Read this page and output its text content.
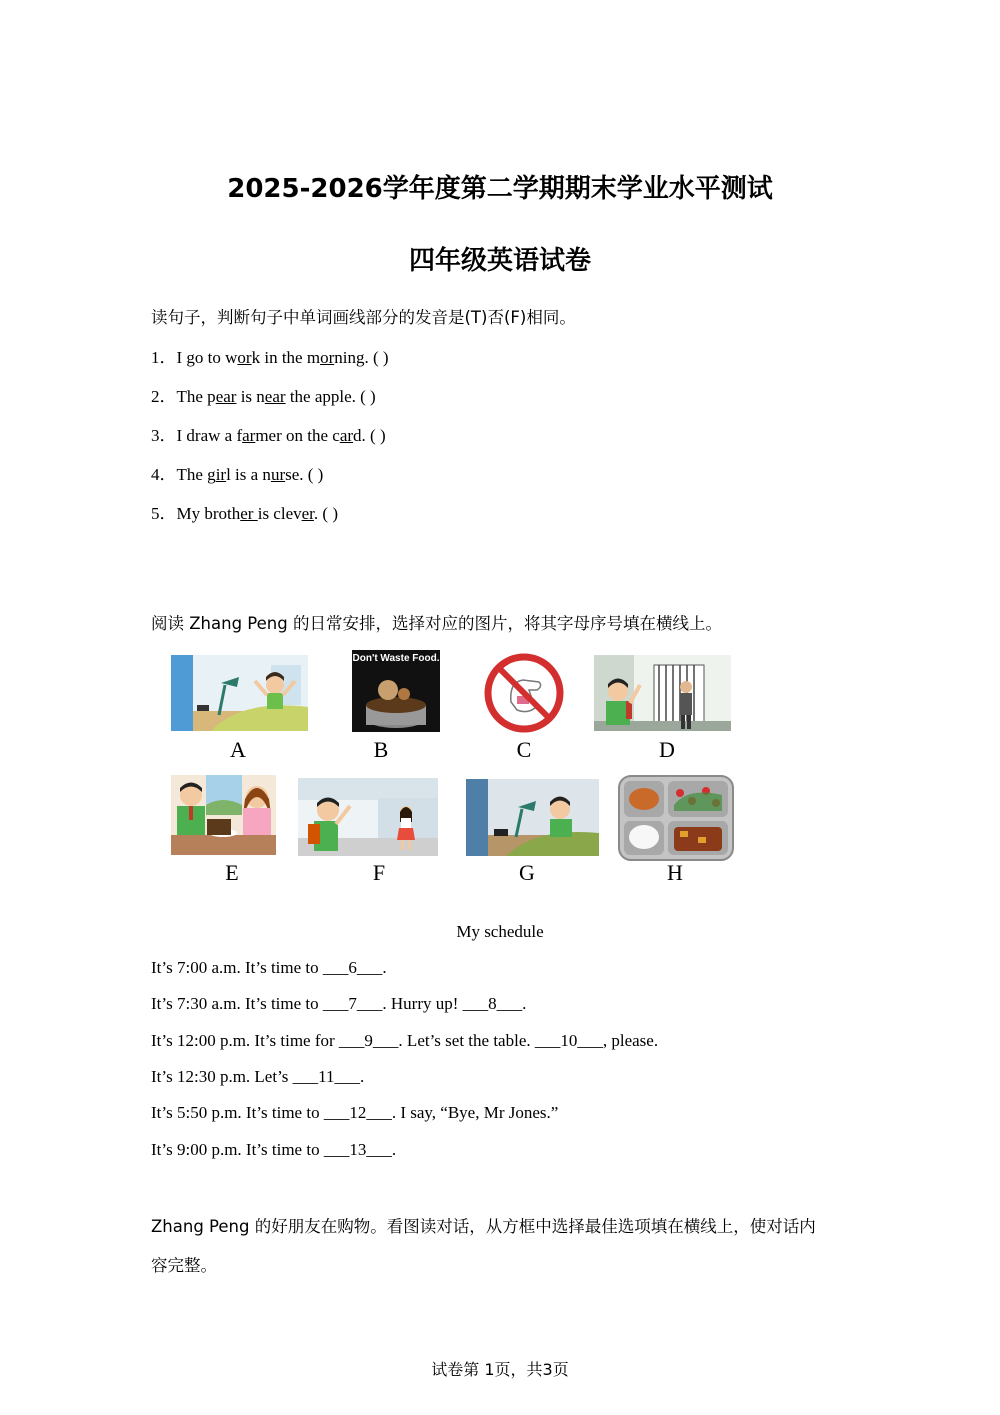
2025-2026学年度第二学期期末学业水平测试
四年级英语试卷
读句子，判断句子中单词画线部分的发音是(T)否(F)相同。
1．I go to work in the morning. ( )
2．The pear is near the apple. ( )
3．I draw a farmer on the card. ( )
4．The girl is a nurse. ( )
5．My brother is clever. ( )
阅读 Zhang Peng 的日常安排，选择对应的图片，将其字母序号填在横线上。
A
Don't Waste Food.
B	C	D
E	F	G	H
My schedule
It’s 7:00 a.m. It’s time to ___6___.
It’s 7:30 a.m. It’s time to ___7___. Hurry up! ___8___.
It’s 12:00 p.m. It’s time for ___9___. Let’s set the table. ___10___, please.
It’s 12:30 p.m. Let’s ___11___.
It’s 5:50 p.m. It’s time to ___12___. I say, “Bye, Mr Jones.”
It’s 9:00 p.m. It’s time to ___13___.
Zhang Peng 的好朋友在购物。看图读对话，从方框中选择最佳选项填在横线上，使对话内
容完整。
试卷第 1页，共3页
